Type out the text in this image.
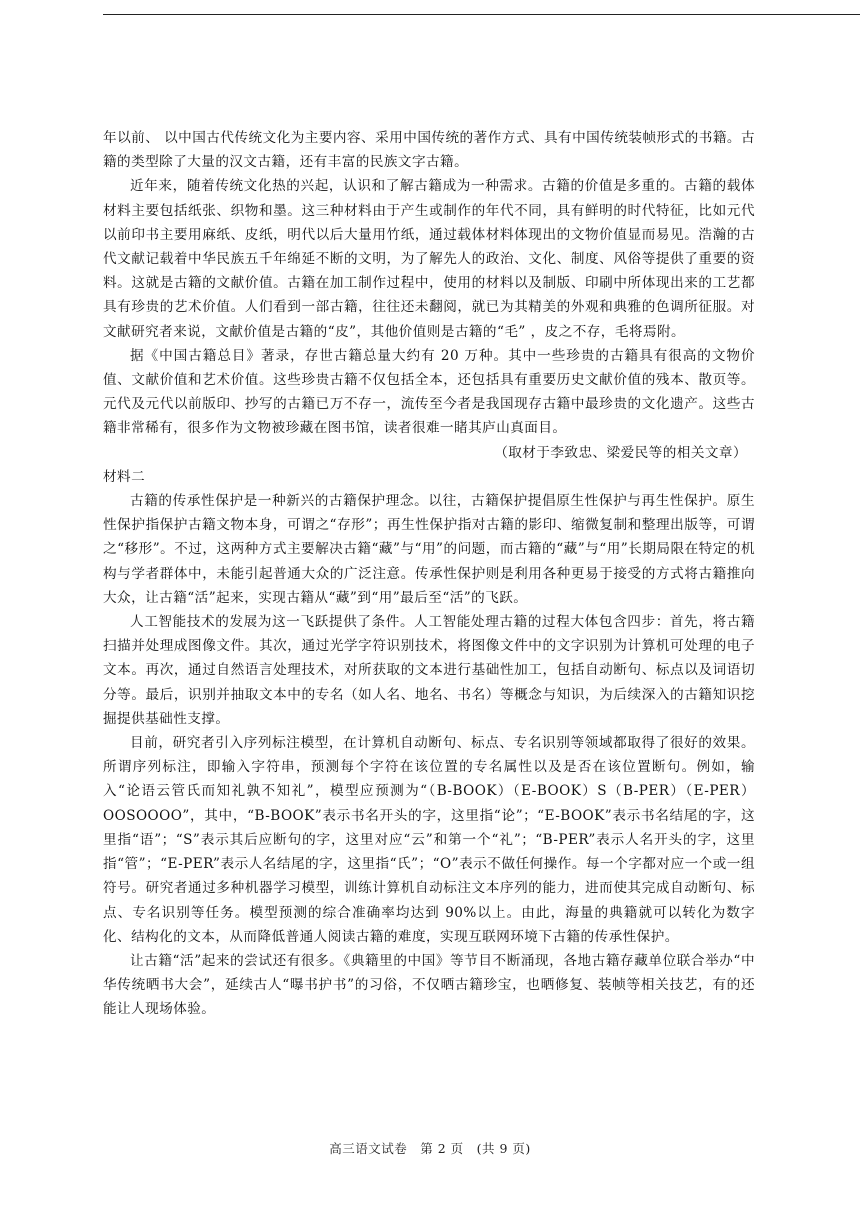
年以前、 以中国古代传统文化为主要内容、采用中国传统的著作方式、具有中国传统装帧形式的书籍。古籍的类型除了大量的汉文古籍，还有丰富的民族文字古籍。

近年来，随着传统文化热的兴起，认识和了解古籍成为一种需求。古籍的价值是多重的。古籍的载体材料主要包括纸张、织物和墨。这三种材料由于产生或制作的年代不同，具有鲜明的时代特征，比如元代以前印书主要用麻纸、皮纸，明代以后大量用竹纸，通过载体材料体现出的文物价值显而易见。浩瀚的古代文献记载着中华民族五千年绵延不断的文明，为了解先人的政治、文化、制度、风俗等提供了重要的资料。这就是古籍的文献价值。古籍在加工制作过程中，使用的材料以及制版、印刷中所体现出来的工艺都具有珍贵的艺术价值。人们看到一部古籍，往往还未翻阅，就已为其精美的外观和典雅的色调所征服。对文献研究者来说，文献价值是古籍的“皮”，其他价值则是古籍的“毛” ，皮之不存，毛将焉附。

据《中国古籍总目》著录，存世古籍总量大约有 20 万种。其中一些珍贵的古籍具有很高的文物价值、文献价值和艺术价值。这些珍贵古籍不仅包括全本，还包括具有重要历史文献价值的残本、散页等。元代及元代以前版印、抄写的古籍已万不存一，流传至今者是我国现存古籍中最珍贵的文化遗产。这些古籍非常稀有，很多作为文物被珍藏在图书馆，读者很难一睹其庐山真面目。

（取材于李致忠、梁爱民等的相关文章）

材料二

古籍的传承性保护是一种新兴的古籍保护理念。以往，古籍保护提倡原生性保护与再生性保护。原生性保护指保护古籍文物本身，可谓之“存形”；再生性保护指对古籍的影印、缩微复制和整理出版等，可谓之“移形”。不过，这两种方式主要解决古籍“藏”与“用”的问题，而古籍的“藏”与“用”长期局限在特定的机构与学者群体中，未能引起普通大众的广泛注意。传承性保护则是利用各种更易于接受的方式将古籍推向大众，让古籍“活”起来，实现古籍从“藏”到“用”最后至“活”的飞跃。

人工智能技术的发展为这一飞跃提供了条件。人工智能处理古籍的过程大体包含四步：首先，将古籍扫描并处理成图像文件。其次，通过光学字符识别技术，将图像文件中的文字识别为计算机可处理的电子文本。再次，通过自然语言处理技术，对所获取的文本进行基础性加工，包括自动断句、标点以及词语切分等。最后，识别并抽取文本中的专名（如人名、地名、书名）等概念与知识，为后续深入的古籍知识挖掘提供基础性支撑。

目前，研究者引入序列标注模型，在计算机自动断句、标点、专名识别等领域都取得了很好的效果。所谓序列标注，即输入字符串，预测每个字符在该位置的专名属性以及是否在该位置断句。例如，输入“论语云管氏而知礼孰不知礼”，模型应预测为“（B-BOOK）（E-BOOK）S（B-PER）（E-PER）OOSOOOO”，其中，“B-BOOK”表示书名开头的字，这里指“论”；“E-BOOK”表示书名结尾的字，这里指“语”；“S”表示其后应断句的字，这里对应“云”和第一个“礼”；“B-PER”表示人名开头的字，这里指“管”；“E-PER”表示人名结尾的字，这里指“氏”；“O”表示不做任何操作。每一个字都对应一个或一组符号。研究者通过多种机器学习模型，训练计算机自动标注文本序列的能力，进而使其完成自动断句、标点、专名识别等任务。模型预测的综合准确率均达到 90%以上。由此，海量的典籍就可以转化为数字化、结构化的文本，从而降低普通人阅读古籍的难度，实现互联网环境下古籍的传承性保护。

让古籍“活”起来的尝试还有很多。《典籍里的中国》等节目不断涌现，各地古籍存藏单位联合举办“中华传统晒书大会”，延续古人“曝书护书”的习俗，不仅晒古籍珍宝，也晒修复、装帧等相关技艺，有的还能让人现场体验。

高三语文试卷　第 2 页　(共 9 页)
